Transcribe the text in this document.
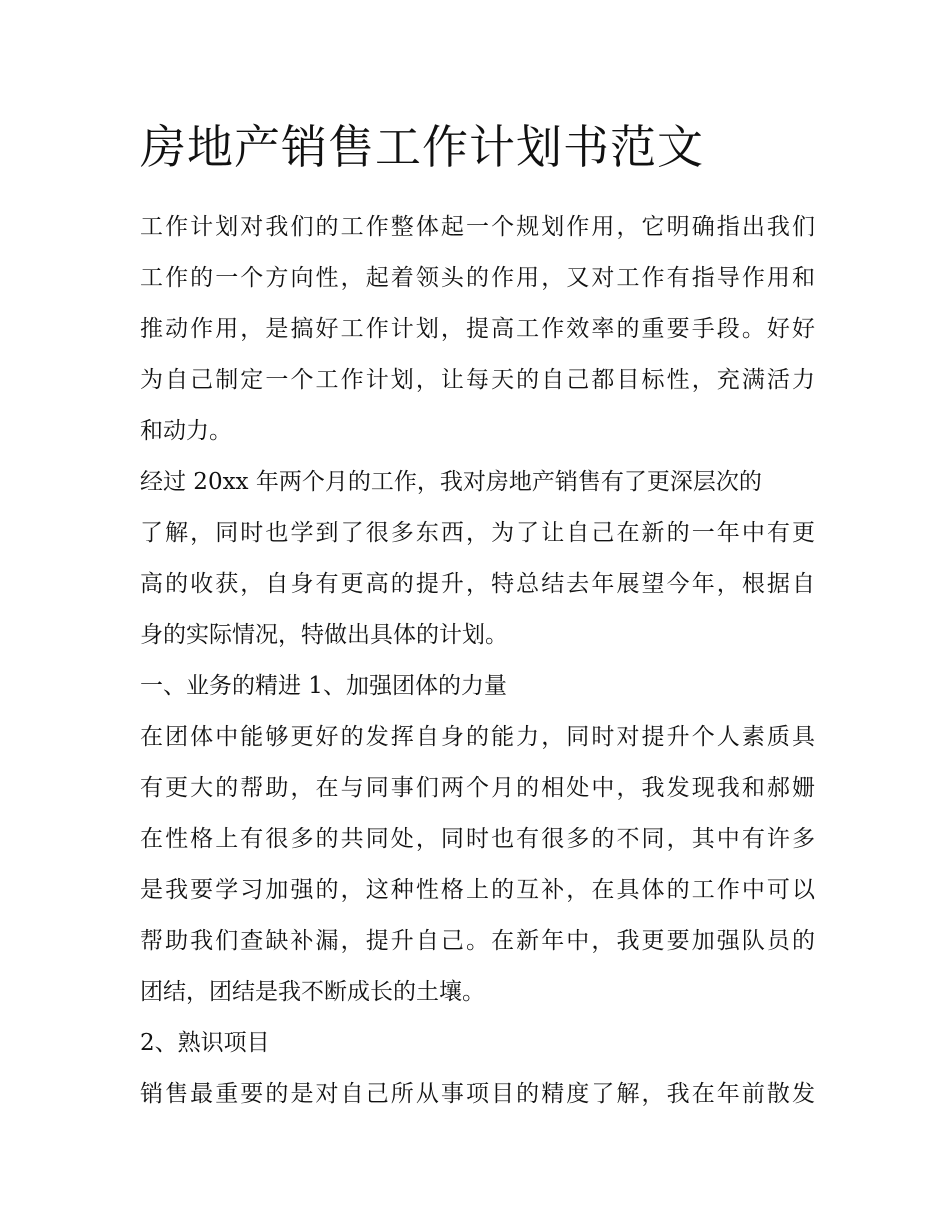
房地产销售工作计划书范文
工作计划对我们的工作整体起一个规划作用，它明确指出我们
工作的一个方向性，起着领头的作用，又对工作有指导作用和
推动作用，是搞好工作计划，提高工作效率的重要手段。好好
为自己制定一个工作计划，让每天的自己都目标性，充满活力
和动力。
经过 20xx 年两个月的工作，我对房地产销售有了更深层次的
了解，同时也学到了很多东西，为了让自己在新的一年中有更
高的收获，自身有更高的提升，特总结去年展望今年，根据自
身的实际情况，特做出具体的计划。
一、业务的精进 1、加强团体的力量
在团体中能够更好的发挥自身的能力，同时对提升个人素质具
有更大的帮助，在与同事们两个月的相处中，我发现我和郝姗
在性格上有很多的共同处，同时也有很多的不同，其中有许多
是我要学习加强的，这种性格上的互补，在具体的工作中可以
帮助我们查缺补漏，提升自己。在新年中，我更要加强队员的
团结，团结是我不断成长的土壤。
2、熟识项目
销售最重要的是对自己所从事项目的精度了解，我在年前散发
